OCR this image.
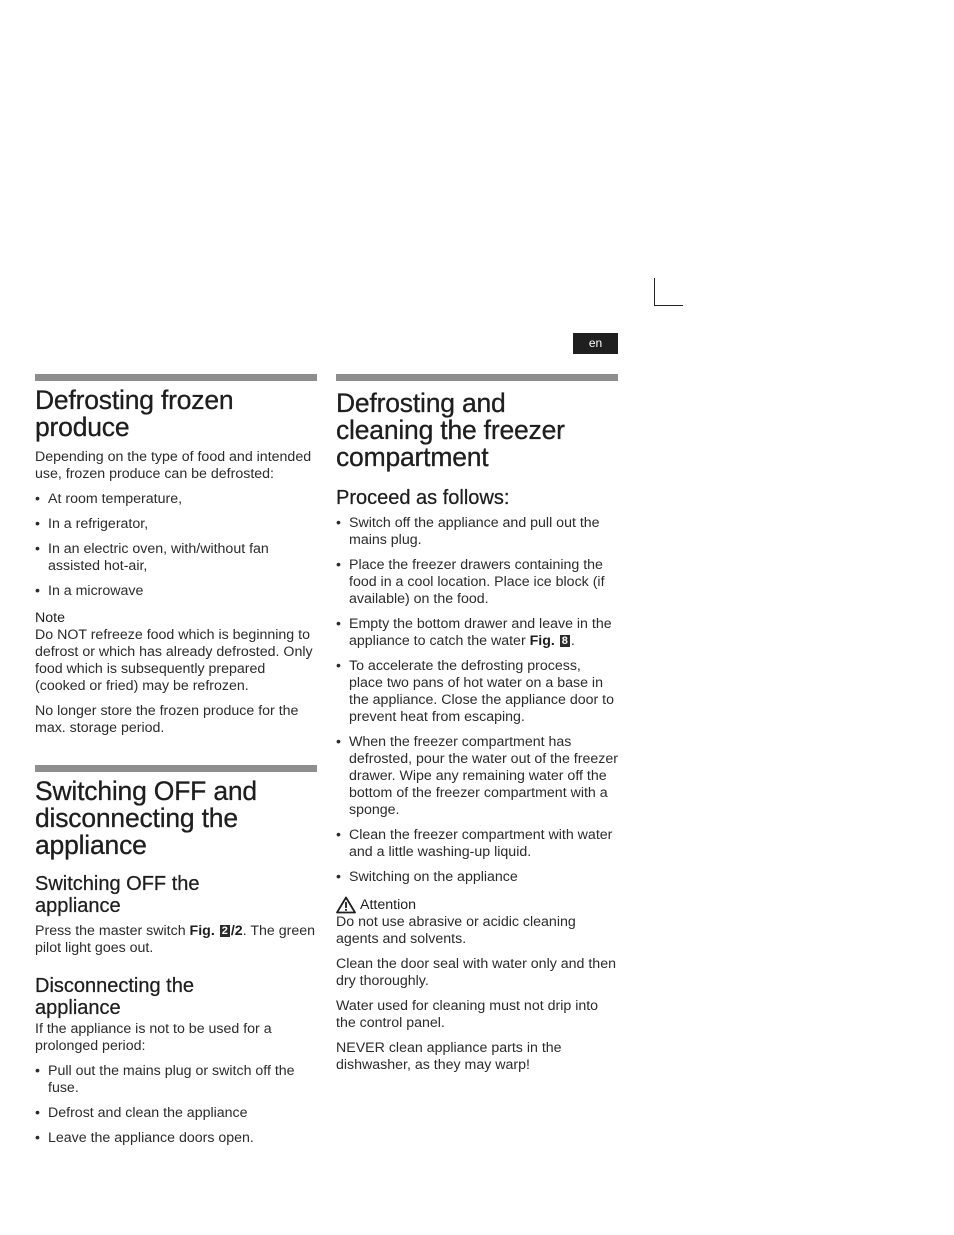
en
Defrosting frozen
produce

Depending on the type of food and intended use, frozen produce can be defrosted:

• At room temperature,
• In a refrigerator,
• In an electric oven, with/without fan assisted hot-air,
• In a microwave

Note

Do NOT refreeze food which is beginning to defrost or which has already defrosted. Only food which is subsequently prepared (cooked or fried) may be refrozen.

No longer store the frozen produce for the max. storage period.

Switching OFF and
disconnecting the
appliance
Switching OFF the
appliance

Press the master switch Fig. 2 /2. The green pilot light goes out.

Disconnecting the
appliance

If the appliance is not to be used for a prolonged period:

• Pull out the mains plug or switch off the fuse.
• Defrost and clean the appliance
• Leave the appliance doors open.
Defrosting and
cleaning the freezer
compartment
Proceed as follows:
• Switch off the appliance and pull out the mains plug.
• Place the freezer drawers containing the food in a cool location. Place ice block (if available) on the food.
• Empty the bottom drawer and leave in the appliance to catch the water Fig. 8 .
• To accelerate the defrosting process, place two pans of hot water on a base in the appliance. Close the appliance door to prevent heat from escaping.
• When the freezer compartment has defrosted, pour the water out of the freezer drawer. Wipe any remaining water off the bottom of the freezer compartment with a sponge.
• Clean the freezer compartment with water and a little washing-up liquid.
• Switching on the appliance

Attention

Do not use abrasive or acidic cleaning agents and solvents.

Clean the door seal with water only and then dry thoroughly.

Water used for cleaning must not drip into the control panel.

NEVER clean appliance parts in the dishwasher, as they may warp!
